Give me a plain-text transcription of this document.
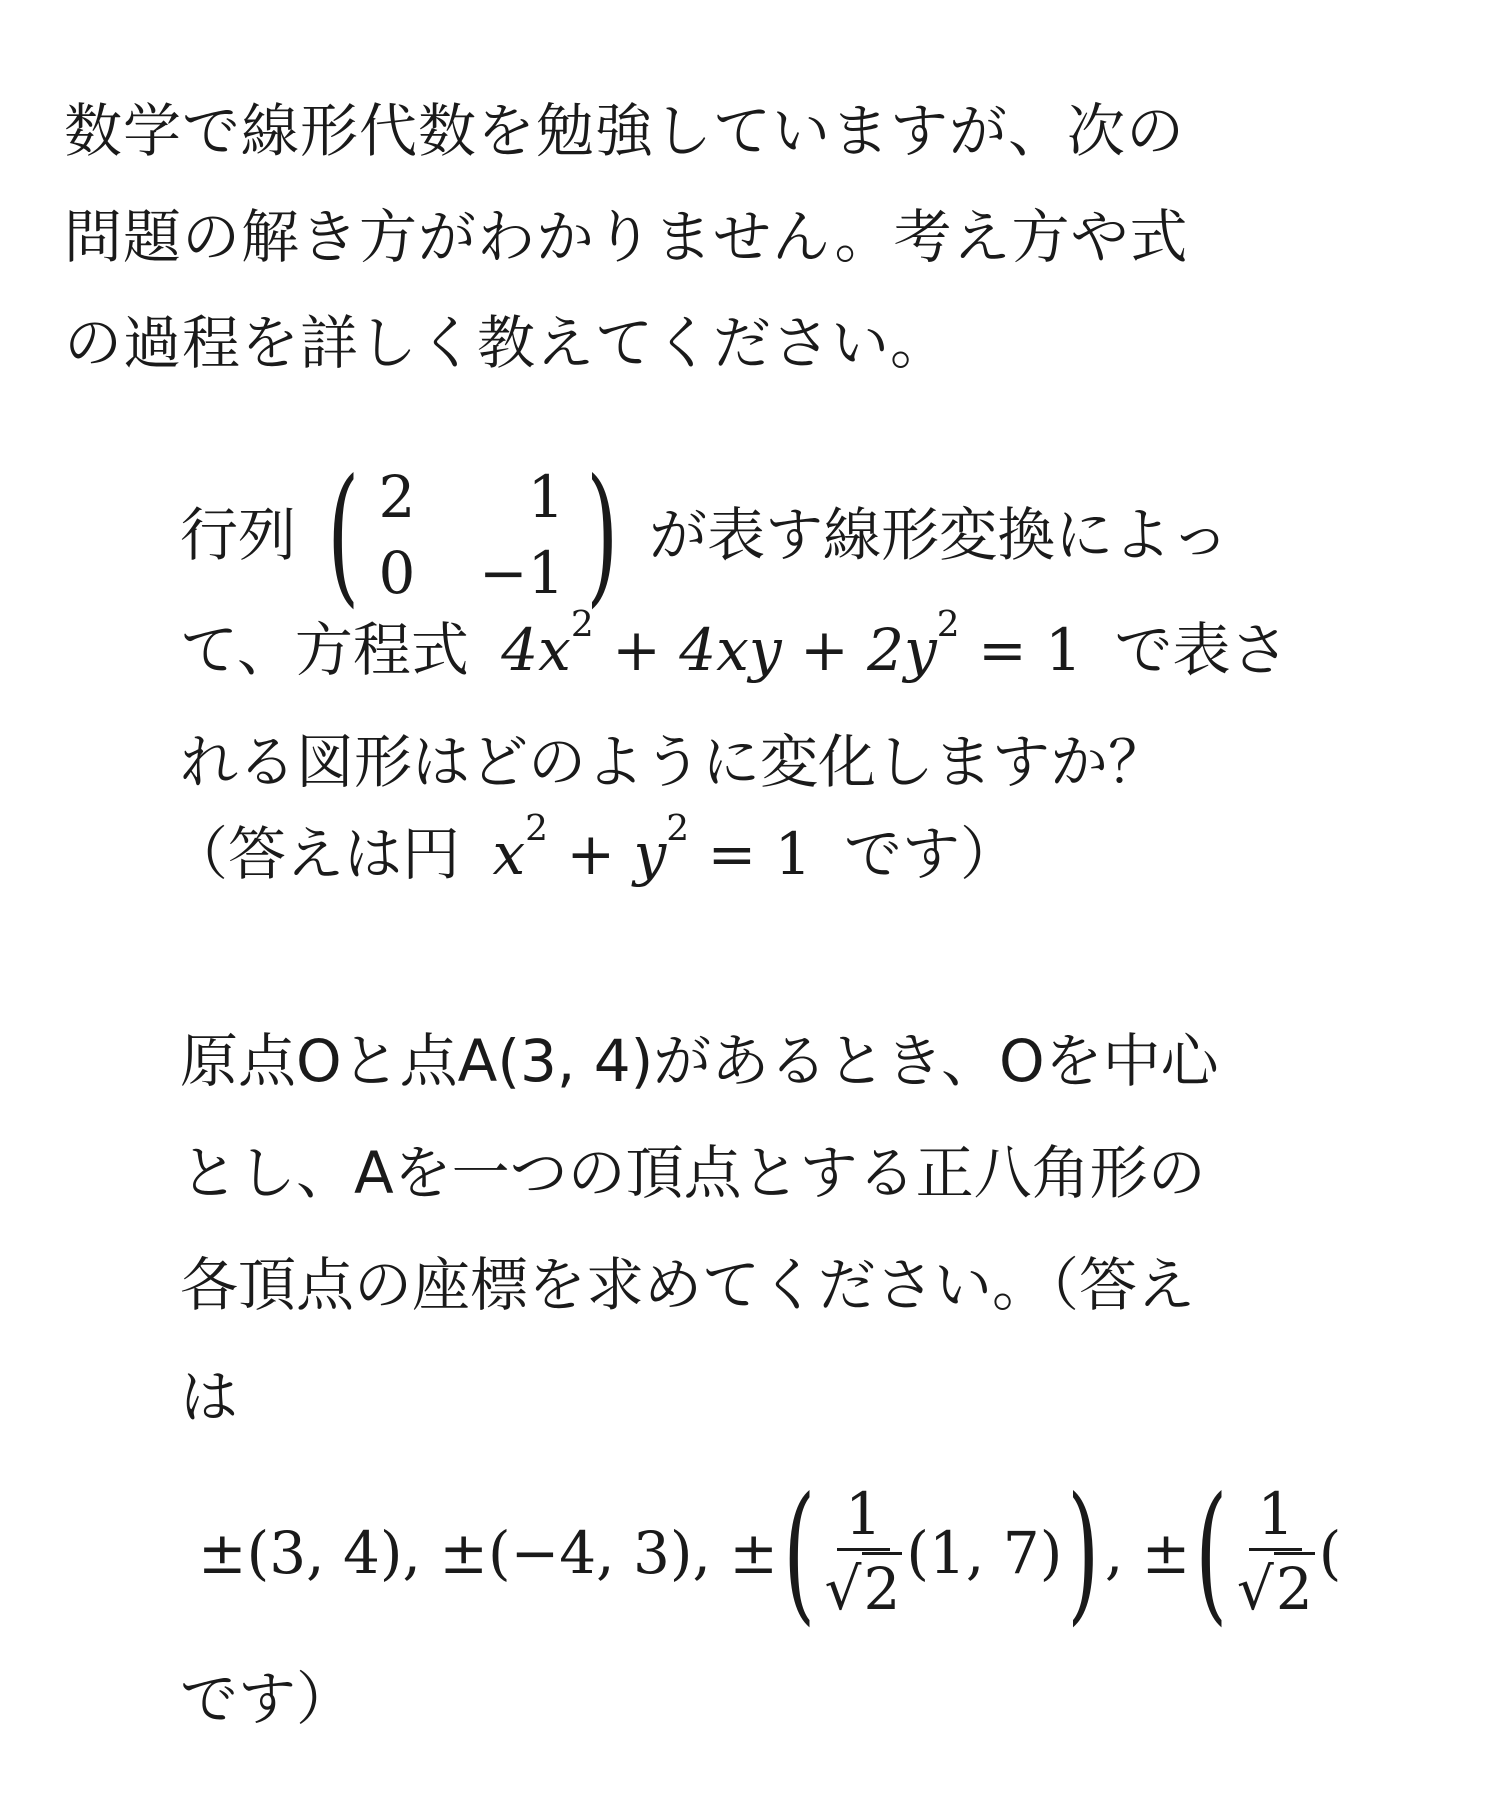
数学で線形代数を勉強していますが、次の
問題の解き方がわかりません。考え方や式
の過程を詳しく教えてください。

行列 ( 2	1
0	−1 ) が表す線形変換によっ
て、方程式 $4x^2 + 4xy + 2y^2 = 1$ で表さ
れる図形はどのように変化しますか？
（答えは円 $x^2 + y^2 = 1$ です）
原点Oと点A(3, 4)があるとき、Oを中心
とし、Aを一つの頂点とする正八角形の
各頂点の座標を求めてください。（答え
は
±(3, 4), ±(−4, 3), ± ( $\frac{1}{√2} (1$, 7) ) , ± ( $\frac{1}{√2}$ (
です）
